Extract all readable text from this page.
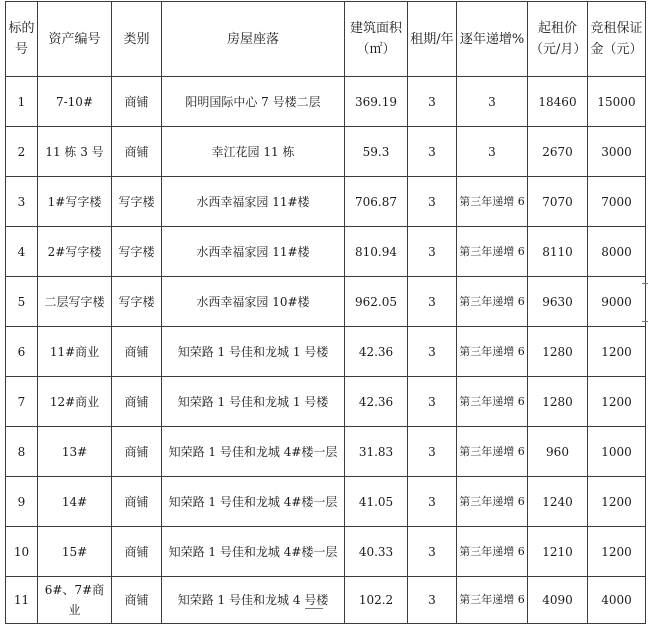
标的号	资产编号	类别	房屋座落	建筑面积（㎡）	租期/年	逐年递增%	起租价（元/月）	竞租保证金（元）
1	7-10#	商铺	阳明国际中心 7 号楼二层	369.19	3	3	18460	15000
2	11 栋 3 号	商铺	幸江花园 11 栋	59.3	3	3	2670	3000
3	1#写字楼	写字楼	水西幸福家园 11#楼	706.87	3	第三年递增 6	7070	7000
4	2#写字楼	写字楼	水西幸福家园 11#楼	810.94	3	第三年递增 6	8110	8000
5	二层写字楼	写字楼	水西幸福家园 10#楼	962.05	3	第三年递增 6	9630	9000
6	11#商业	商铺	知荣路 1 号佳和龙城 1 号楼	42.36	3	第三年递增 6	1280	1200
7	12#商业	商铺	知荣路 1 号佳和龙城 1 号楼	42.36	3	第三年递增 6	1280	1200
8	13#	商铺	知荣路 1 号佳和龙城 4#楼一层	31.83	3	第三年递增 6	960	1000
9	14#	商铺	知荣路 1 号佳和龙城 4#楼一层	41.05	3	第三年递增 6	1240	1200
10	15#	商铺	知荣路 1 号佳和龙城 4#楼一层	40.33	3	第三年递增 6	1210	1200
11	6#、7#商业	商铺	知荣路 1 号佳和龙城 4 号楼	102.2	3	第三年递增 6	4090	4000
